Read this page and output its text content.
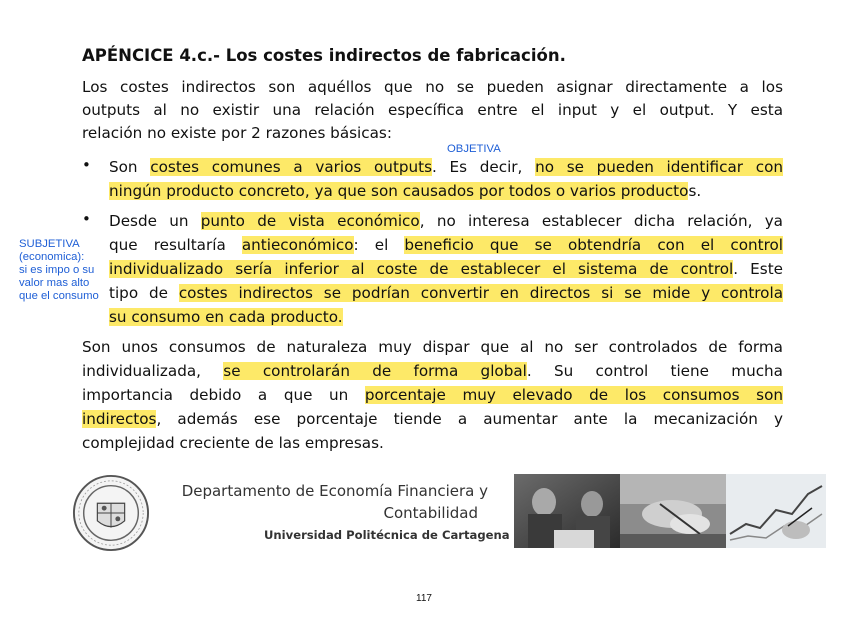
APÉNCICE 4.c.- Los costes indirectos de fabricación.
Los costes indirectos son aquéllos que no se pueden asignar directamente a los
outputs al no existir una relación específica entre el input y el output. Y esta
relación no existe por 2 razones básicas:
OBJETIVA
• Son costes comunes a varios outputs. Es decir, no se pueden identificar con
ningún producto concreto, ya que son causados por todos o varios productos.
• Desde un punto de vista económico, no interesa establecer dicha relación, ya
que resultaría antieconómico: el beneficio que se obtendría con el control
individualizado sería inferior al coste de establecer el sistema de control. Este
tipo de costes indirectos se podrían convertir en directos si se mide y controla
su consumo en cada producto.
SUBJETIVA
(economica):
si es impo o su
valor mas alto
que el consumo
Son unos consumos de naturaleza muy dispar que al no ser controlados de forma
individualizada, se controlarán de forma global. Su control tiene mucha
importancia debido a que un porcentaje muy elevado de los consumos son
indirectos, además ese porcentaje tiende a aumentar ante la mecanización y
complejidad creciente de las empresas.
Departamento de Economía Financiera y
Contabilidad
Universidad Politécnica de Cartagena
117
